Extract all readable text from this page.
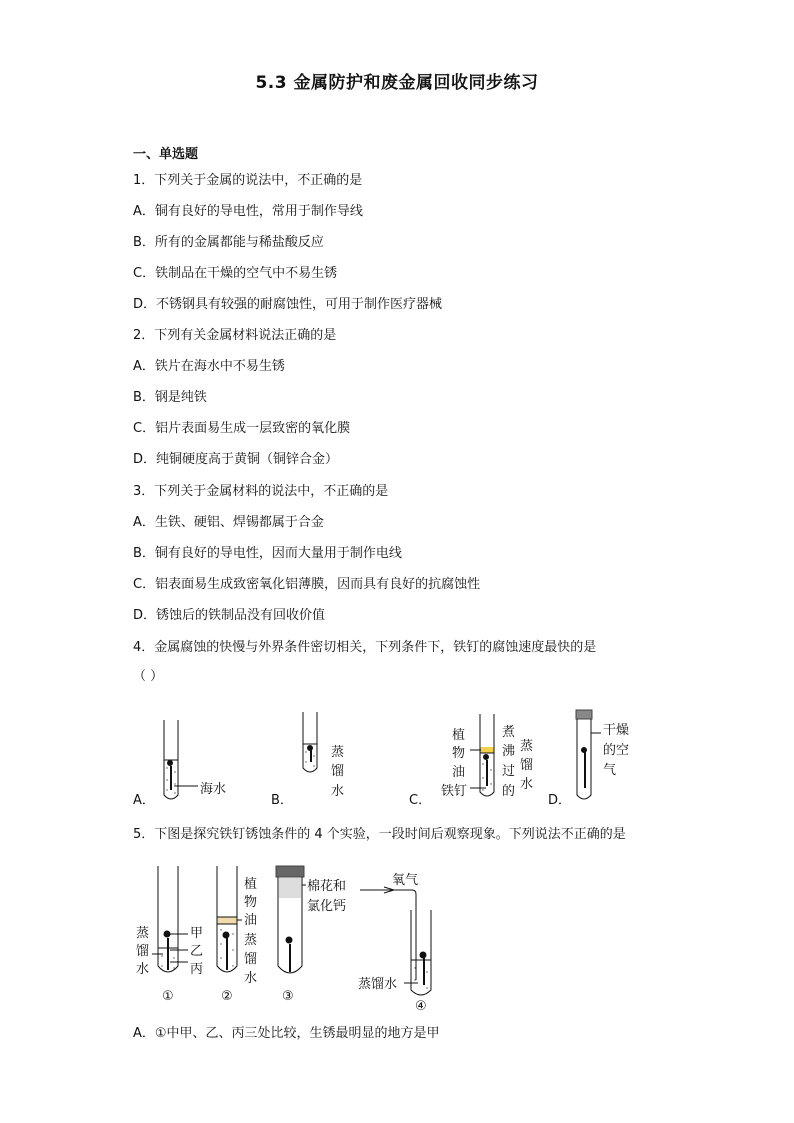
5.3 金属防护和废金属回收同步练习
一、单选题
1．下列关于金属的说法中，不正确的是
A．铜有良好的导电性，常用于制作导线
B．所有的金属都能与稀盐酸反应
C．铁制品在干燥的空气中不易生锈
D．不锈钢具有较强的耐腐蚀性，可用于制作医疗器械
2．下列有关金属材料说法正确的是
A．铁片在海水中不易生锈
B．钢是纯铁
C．铝片表面易生成一层致密的氧化膜
D．纯铜硬度高于黄铜（铜锌合金）
3．下列关于金属材料的说法中，不正确的是
A．生铁、硬铝、焊锡都属于合金
B．铜有良好的导电性，因而大量用于制作电线
C．铝表面易生成致密氧化铝薄膜，因而具有良好的抗腐蚀性
D．锈蚀后的铁制品没有回收价值
4．金属腐蚀的快慢与外界条件密切相关，下列条件下，铁钉的腐蚀速度最快的是
（ ）
A．
海水
B．
蒸
馏
水
C．
植
物
油
铁钉
煮
沸
过
的
蒸
馏
水
D．
干燥
的空
气
5．下图是探究铁钉锈蚀条件的 4 个实验，一段时间后观察现象。下列说法不正确的是
蒸
馏
水
甲
乙
丙
植
物
油
蒸
馏
水
棉花和
氯化钙
氧气
蒸馏水
①	②	③
④
A．①中甲、乙、丙三处比较，生锈最明显的地方是甲
